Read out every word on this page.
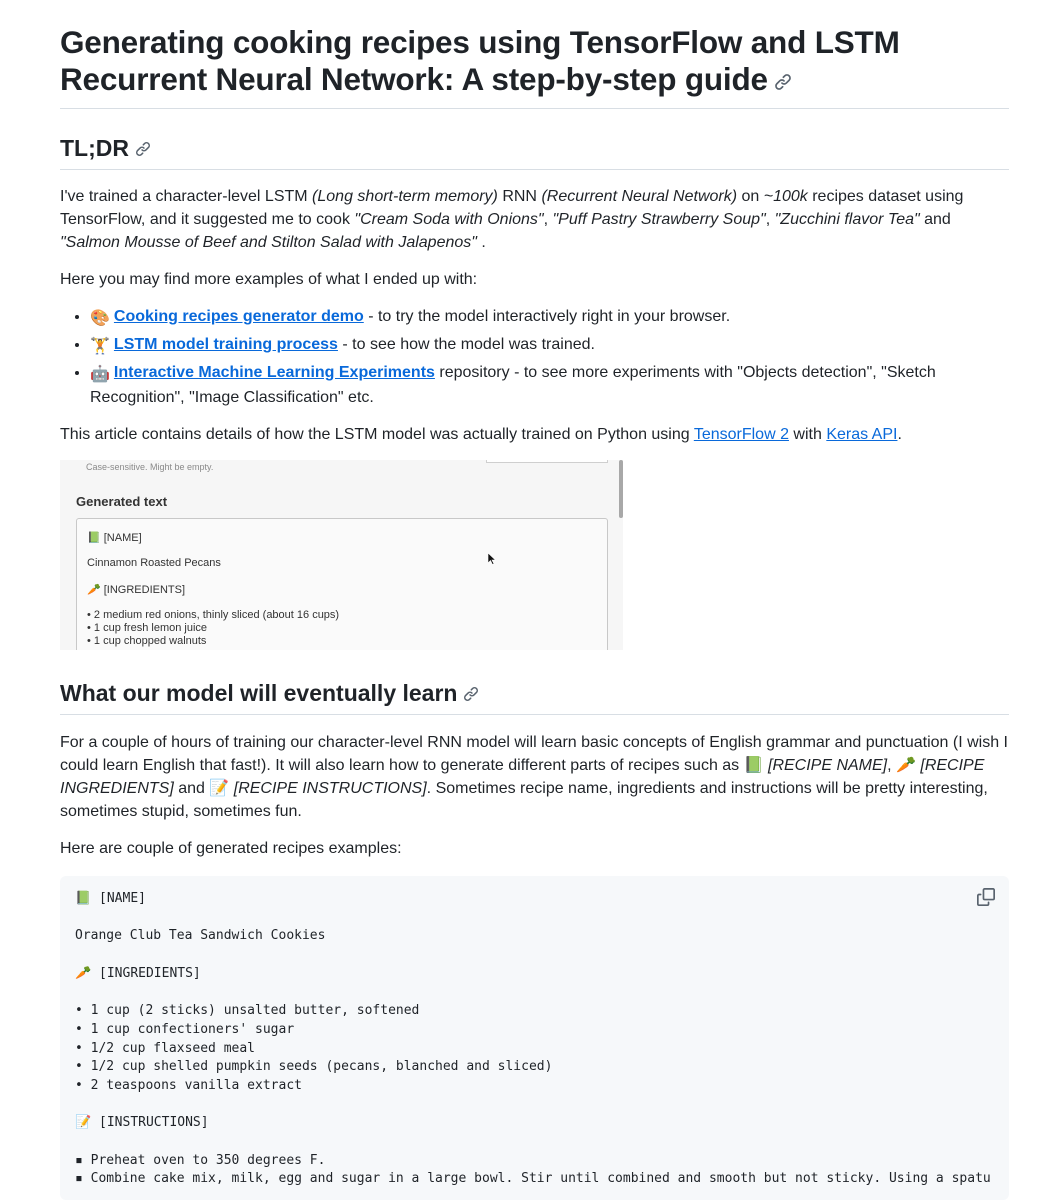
Generating cooking recipes using TensorFlow and LSTM Recurrent Neural Network: A step-by-step guide
TL;DR

I've trained a character-level LSTM (Long short-term memory) RNN (Recurrent Neural Network) on ~100k recipes dataset using TensorFlow, and it suggested me to cook "Cream Soda with Onions", "Puff Pastry Strawberry Soup", "Zucchini flavor Tea" and "Salmon Mousse of Beef and Stilton Salad with Jalapenos" .

Here you may find more examples of what I ended up with:

• 🎨 Cooking recipes generator demo - to try the model interactively right in your browser.
• 🏋 LSTM model training process - to see how the model was trained.
• 🤖 Interactive Machine Learning Experiments repository - to see more experiments with "Objects detection", "Sketch Recognition", "Image Classification" etc.

This article contains details of how the LSTM model was actually trained on Python using TensorFlow 2 with Keras API.

Case-sensitive. Might be empty.
Generated text
📗 [NAME]
Cinnamon Roasted Pecans
🥕 [INGREDIENTS]
• 2 medium red onions, thinly sliced (about 16 cups)
• 1 cup fresh lemon juice
• 1 cup chopped walnuts
What our model will eventually learn

For a couple of hours of training our character-level RNN model will learn basic concepts of English grammar and punctuation (I wish I could learn English that fast!). It will also learn how to generate different parts of recipes such as 📗 [RECIPE NAME], 🥕 [RECIPE INGREDIENTS] and 📝 [RECIPE INSTRUCTIONS]. Sometimes recipe name, ingredients and instructions will be pretty interesting, sometimes stupid, sometimes fun.

Here are couple of generated recipes examples:

📗 [NAME]
Orange Club Tea Sandwich Cookies
🥕 [INGREDIENTS]
• 1 cup (2 sticks) unsalted butter, softened
• 1 cup confectioners' sugar
• 1/2 cup flaxseed meal
• 1/2 cup shelled pumpkin seeds (pecans, blanched and sliced)
• 2 teaspoons vanilla extract
📝 [INSTRUCTIONS]
▪︎ Preheat oven to 350 degrees F.
▪︎ Combine cake mix, milk, egg and sugar in a large bowl. Stir until combined and smooth but not sticky. Using a spatu
